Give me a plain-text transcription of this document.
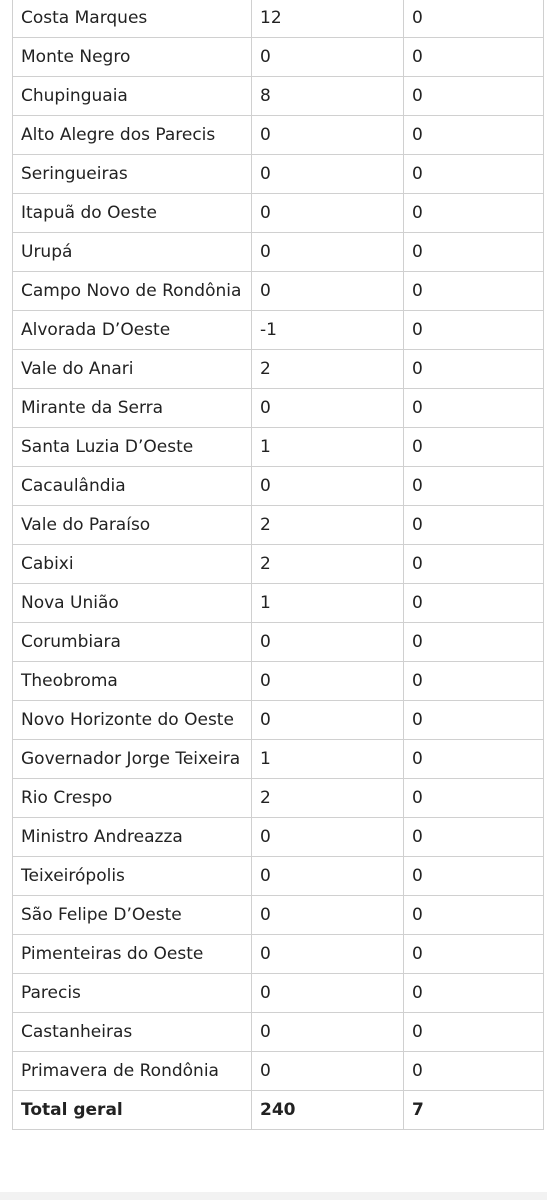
Costa Marques	12	0
Monte Negro	0	0
Chupinguaia	8	0
Alto Alegre dos Parecis	0	0
Seringueiras	0	0
Itapuã do Oeste	0	0
Urupá	0	0
Campo Novo de Rondônia	0	0
Alvorada D’Oeste	-1	0
Vale do Anari	2	0
Mirante da Serra	0	0
Santa Luzia D’Oeste	1	0
Cacaulândia	0	0
Vale do Paraíso	2	0
Cabixi	2	0
Nova União	1	0
Corumbiara	0	0
Theobroma	0	0
Novo Horizonte do Oeste	0	0
Governador Jorge Teixeira	1	0
Rio Crespo	2	0
Ministro Andreazza	0	0
Teixeirópolis	0	0
São Felipe D’Oeste	0	0
Pimenteiras do Oeste	0	0
Parecis	0	0
Castanheiras	0	0
Primavera de Rondônia	0	0
Total geral	240	7
